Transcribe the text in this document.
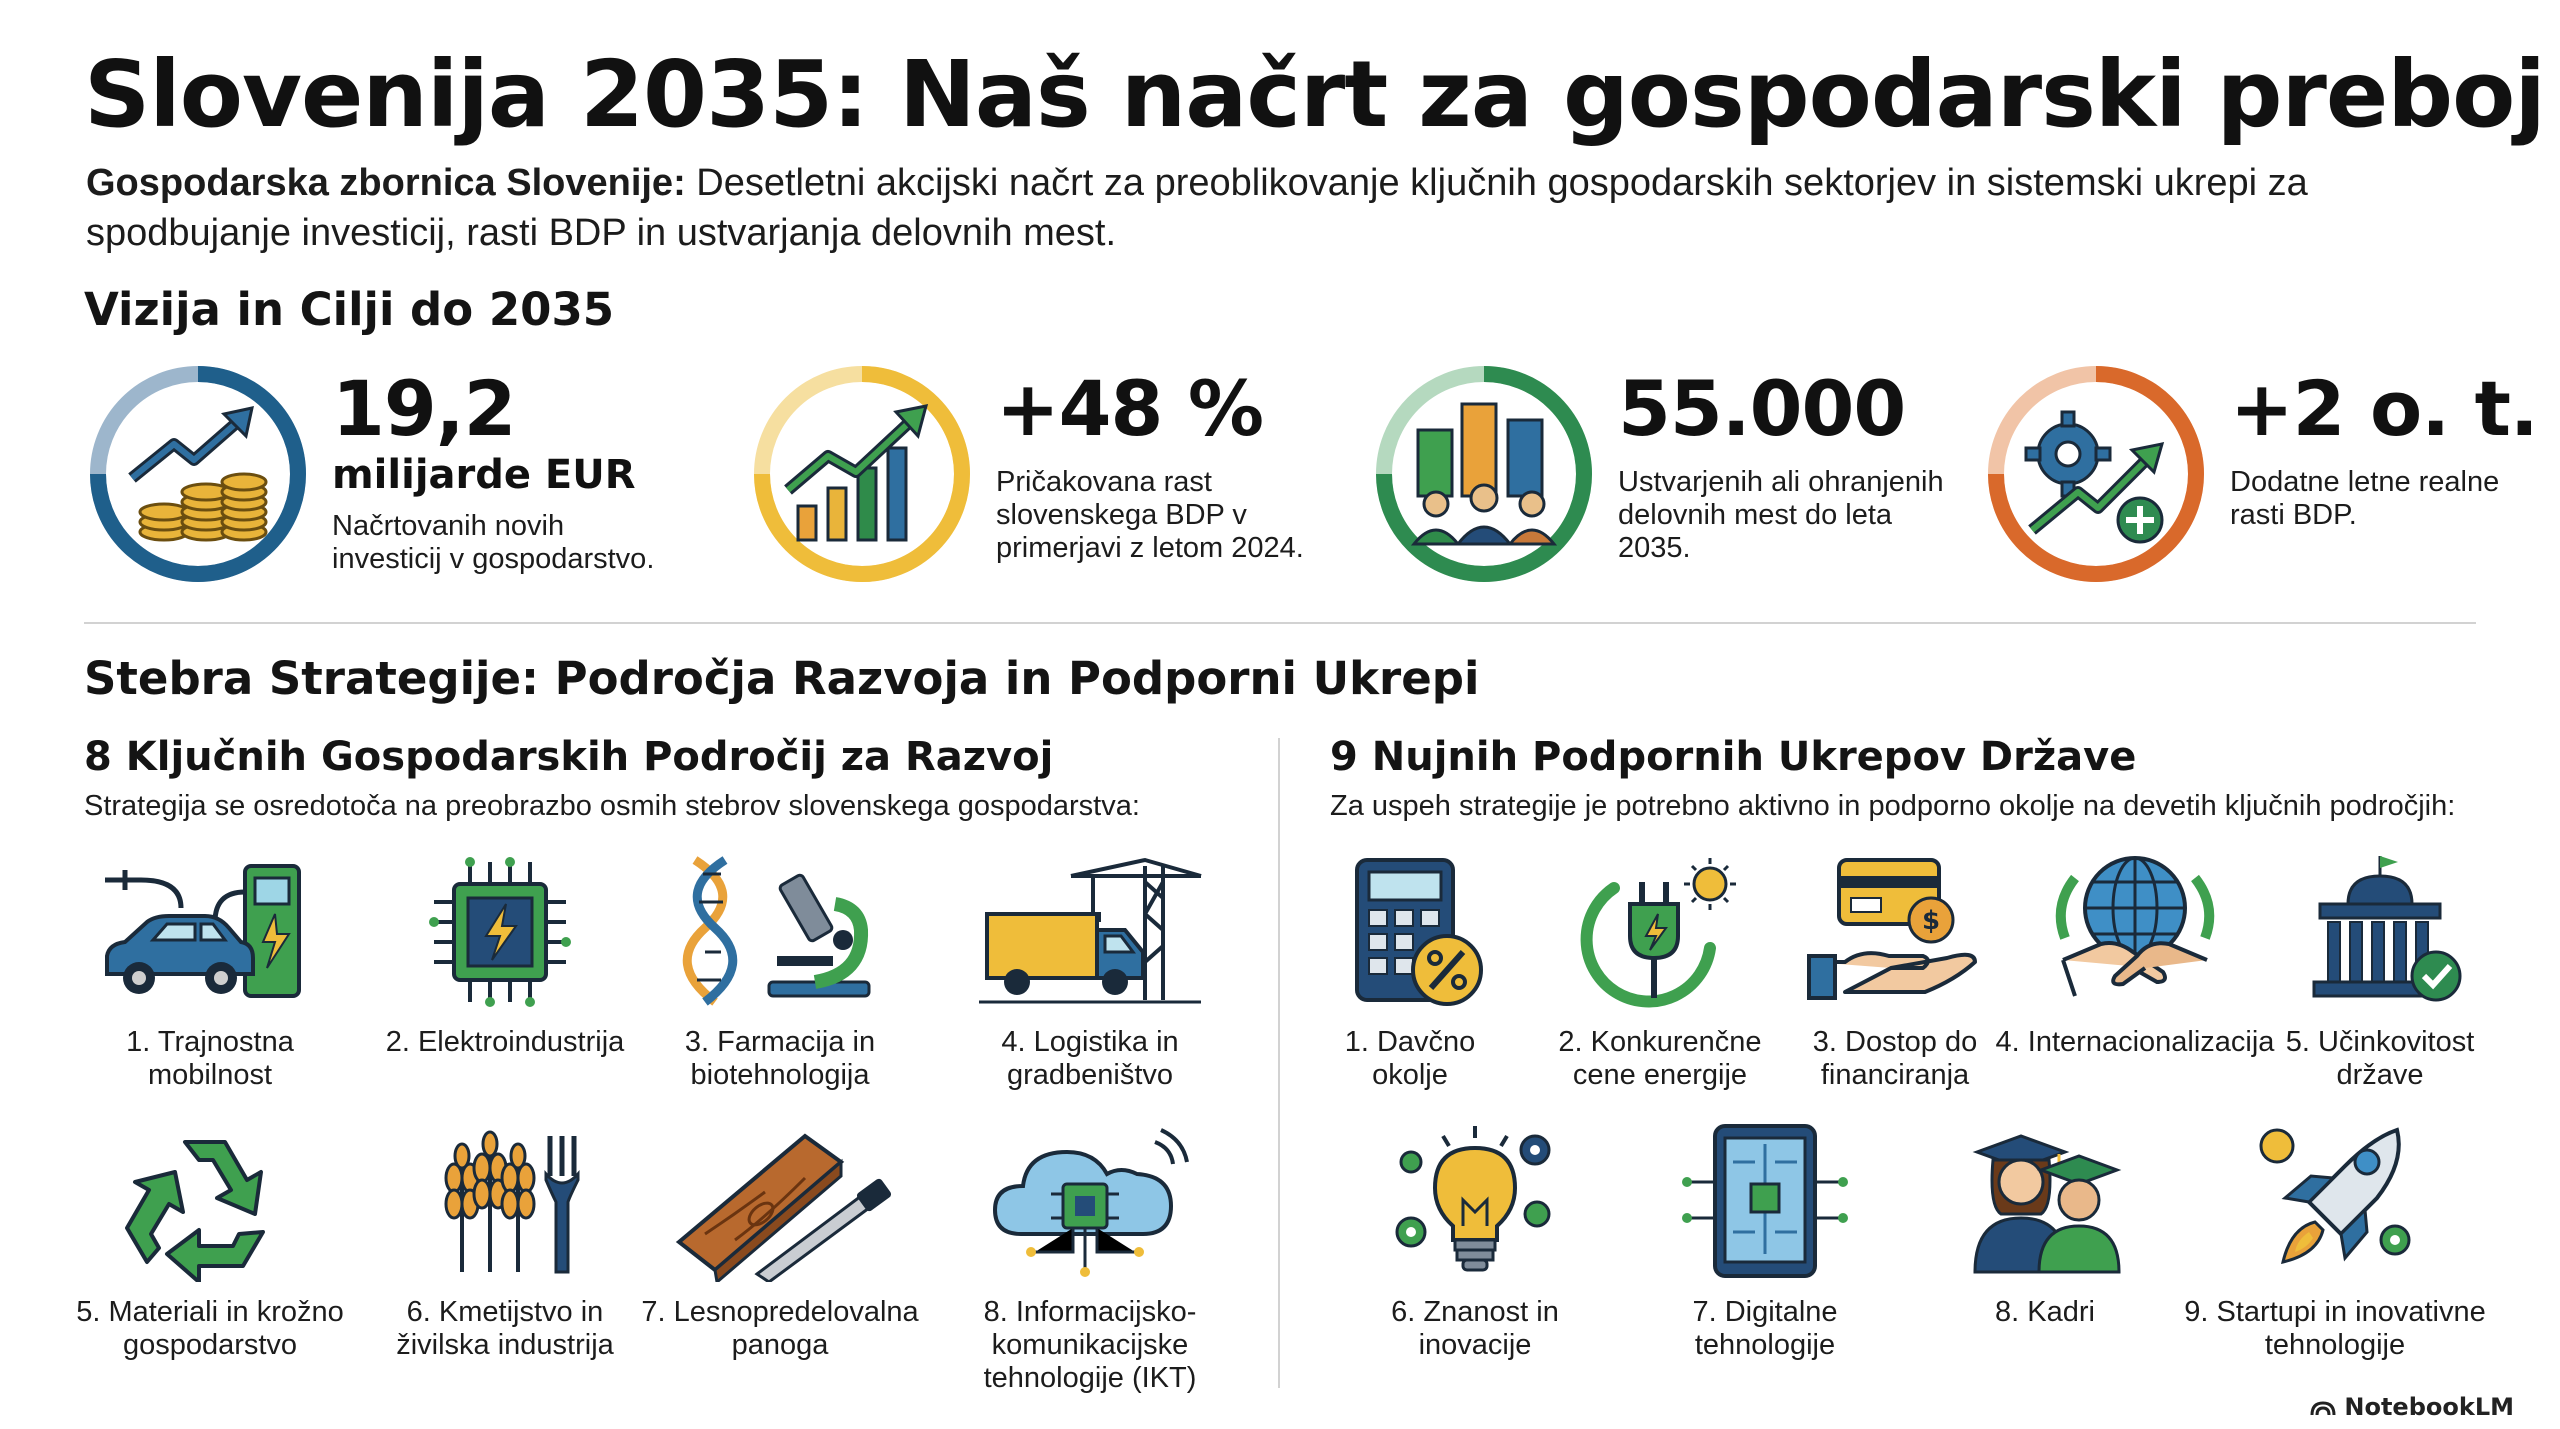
Slovenija 2035: Naš načrt za gospodarski preboj
Gospodarska zbornica Slovenije: Desetletni akcijski načrt za preoblikovanje ključnih gospodarskih sektorjev in sistemski ukrepi za spodbujanje investicij, rasti BDP in ustvarjanja delovnih mest.
Vizija in Cilji do 2035
19,2
milijarde EUR
Načrtovanih novih investicij v gospodarstvo.
+48 %
Pričakovana rast slovenskega BDP v primerjavi z letom 2024.
55.000
Ustvarjenih ali ohranjenih delovnih mest do leta 2035.
+2 o. t.
Dodatne letne realne rasti BDP.
Stebra Strategije: Področja Razvoja in Podporni Ukrepi
8 Ključnih Gospodarskih Področij za Razvoj
Strategija se osredotoča na preobrazbo osmih stebrov slovenskega gospodarstva:
1. Trajnostna
mobilnost
2. Elektroindustrija	3. Farmacija in
biotehnologija
4. Logistika in
gradbeništvo
5. Materiali in krožno
gospodarstvo
6. Kmetijstvo in
živilska industrija
7. Lesnopredelovalna
panoga
8. Informacijsko-
komunikacijske
tehnologije (IKT)
9 Nujnih Podpornih Ukrepov Države
Za uspeh strategije je potrebno aktivno in podporno okolje na devetih ključnih področjih:
1. Davčno
okolje
2. Konkurenčne
cene energije
$
3. Dostop do
financiranja
4. Internacionalizacija 5. Učinkovitost
države
6. Znanost in
inovacije
7. Digitalne
tehnologije
8. Kadri	9. Startupi in inovativne
tehnologije
NotebookLM
